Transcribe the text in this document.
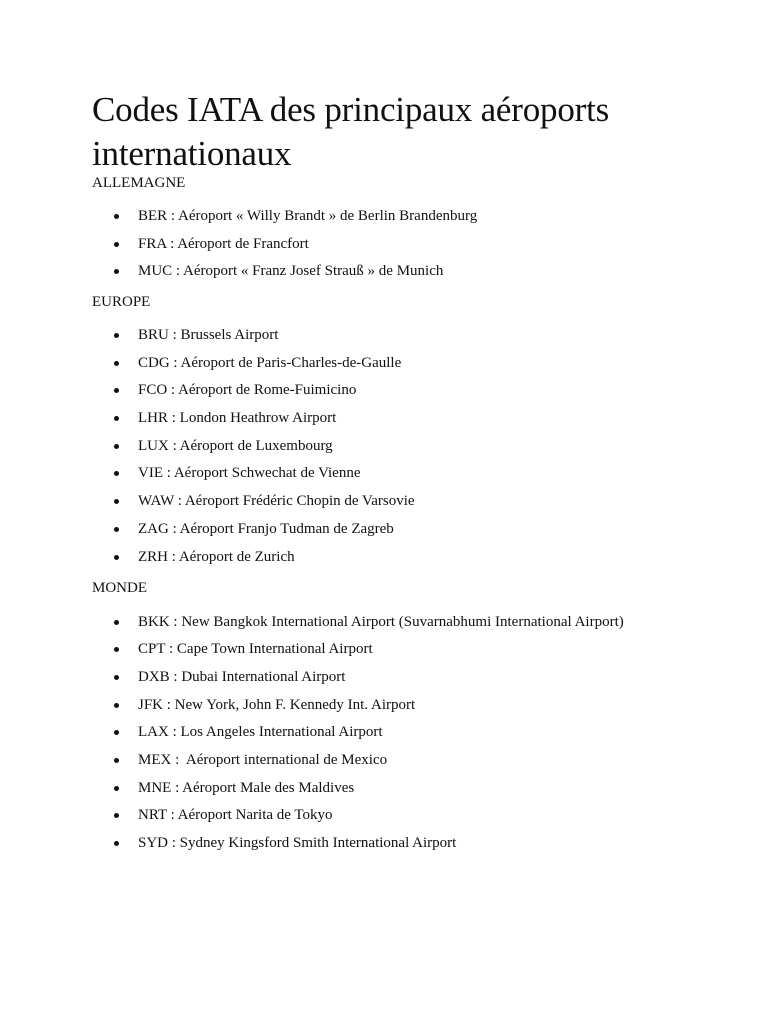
Codes IATA des principaux aéroports internationaux

ALLEMAGNE

BER : Aéroport « Willy Brandt » de Berlin Brandenburg
FRA : Aéroport de Francfort
MUC : Aéroport « Franz Josef Strauß » de Munich

EUROPE

BRU : Brussels Airport
CDG : Aéroport de Paris-Charles-de-Gaulle
FCO : Aéroport de Rome-Fuimicino
LHR : London Heathrow Airport
LUX : Aéroport de Luxembourg
VIE : Aéroport Schwechat de Vienne
WAW : Aéroport Frédéric Chopin de Varsovie
ZAG : Aéroport Franjo Tudman de Zagreb
ZRH : Aéroport de Zurich

MONDE

BKK : New Bangkok International Airport (Suvarnabhumi International Airport)
CPT : Cape Town International Airport
DXB : Dubai International Airport
JFK : New York, John F. Kennedy Int. Airport
LAX : Los Angeles International Airport
MEX :  Aéroport international de Mexico
MNE : Aéroport Male des Maldives
NRT : Aéroport Narita de Tokyo
SYD : Sydney Kingsford Smith International Airport
